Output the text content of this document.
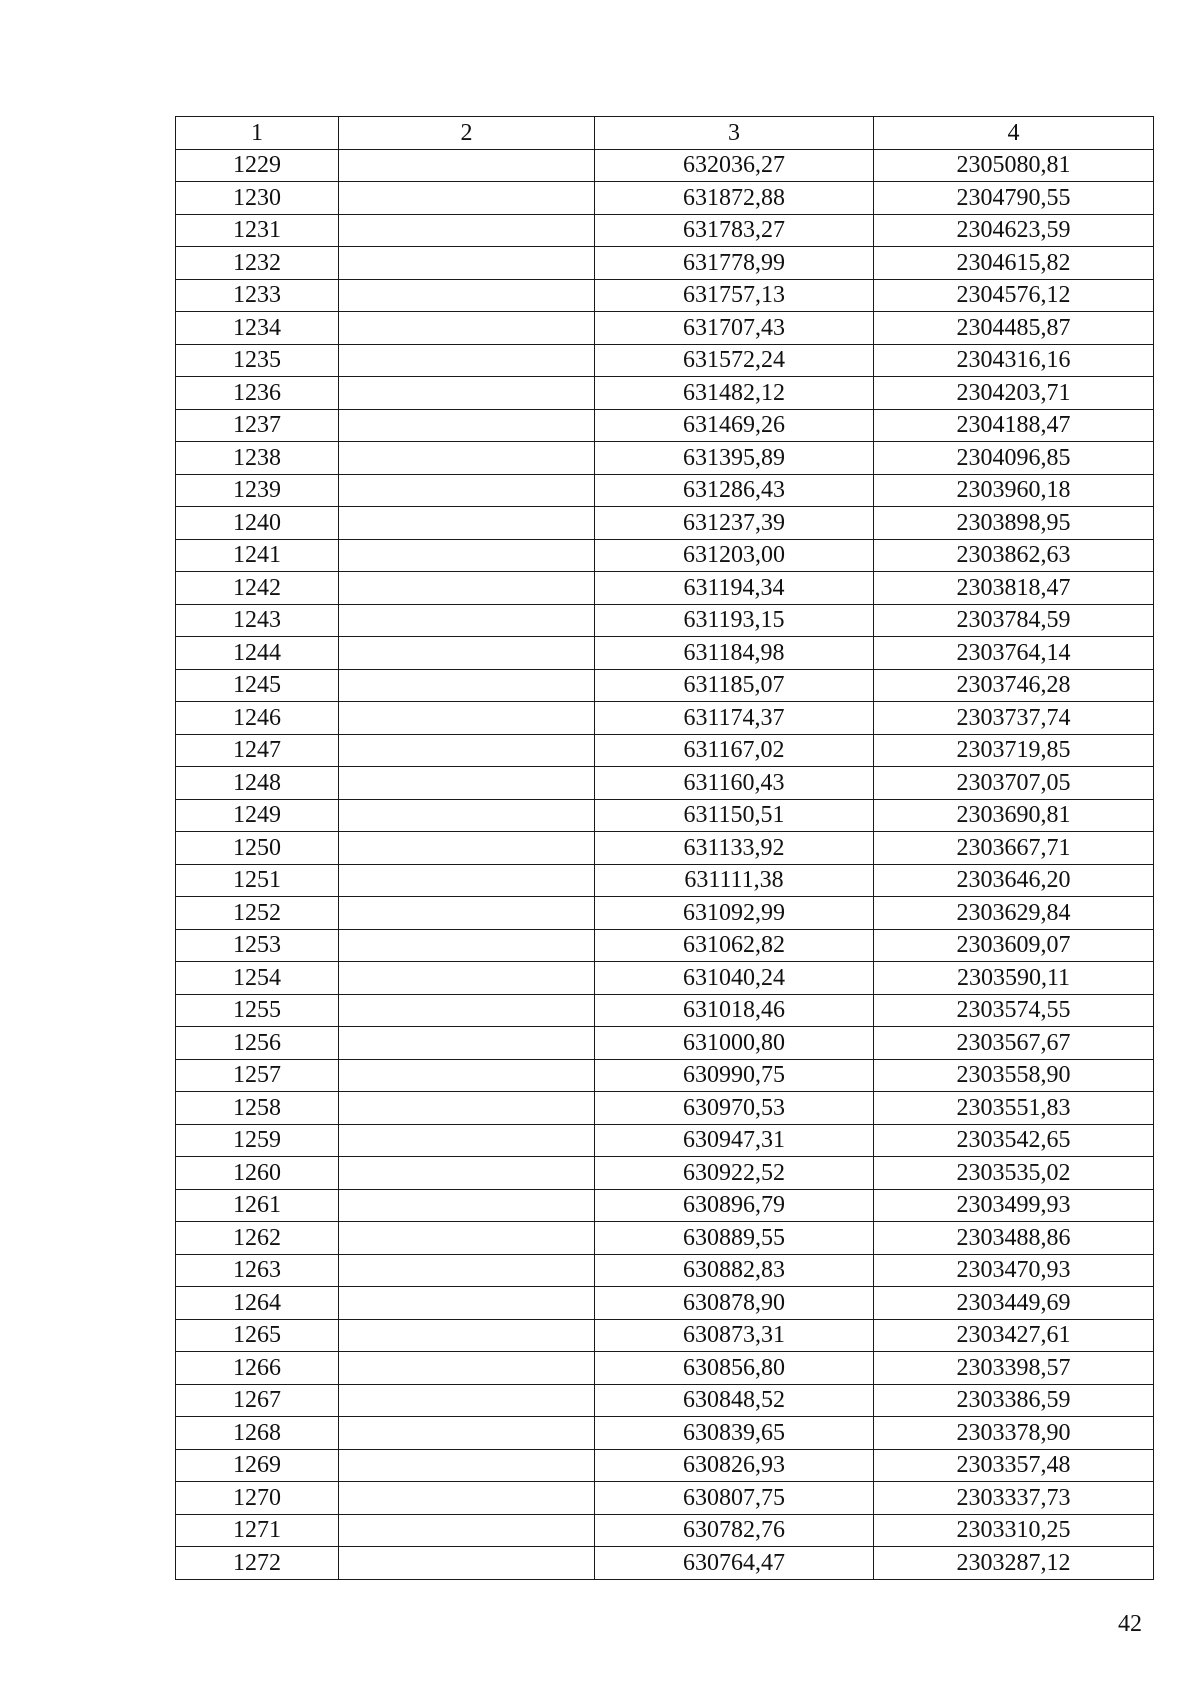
1	2	3	4
1229		632036,27	2305080,81
1230		631872,88	2304790,55
1231		631783,27	2304623,59
1232		631778,99	2304615,82
1233		631757,13	2304576,12
1234		631707,43	2304485,87
1235		631572,24	2304316,16
1236		631482,12	2304203,71
1237		631469,26	2304188,47
1238		631395,89	2304096,85
1239		631286,43	2303960,18
1240		631237,39	2303898,95
1241		631203,00	2303862,63
1242		631194,34	2303818,47
1243		631193,15	2303784,59
1244		631184,98	2303764,14
1245		631185,07	2303746,28
1246		631174,37	2303737,74
1247		631167,02	2303719,85
1248		631160,43	2303707,05
1249		631150,51	2303690,81
1250		631133,92	2303667,71
1251		631111,38	2303646,20
1252		631092,99	2303629,84
1253		631062,82	2303609,07
1254		631040,24	2303590,11
1255		631018,46	2303574,55
1256		631000,80	2303567,67
1257		630990,75	2303558,90
1258		630970,53	2303551,83
1259		630947,31	2303542,65
1260		630922,52	2303535,02
1261		630896,79	2303499,93
1262		630889,55	2303488,86
1263		630882,83	2303470,93
1264		630878,90	2303449,69
1265		630873,31	2303427,61
1266		630856,80	2303398,57
1267		630848,52	2303386,59
1268		630839,65	2303378,90
1269		630826,93	2303357,48
1270		630807,75	2303337,73
1271		630782,76	2303310,25
1272		630764,47	2303287,12
42
